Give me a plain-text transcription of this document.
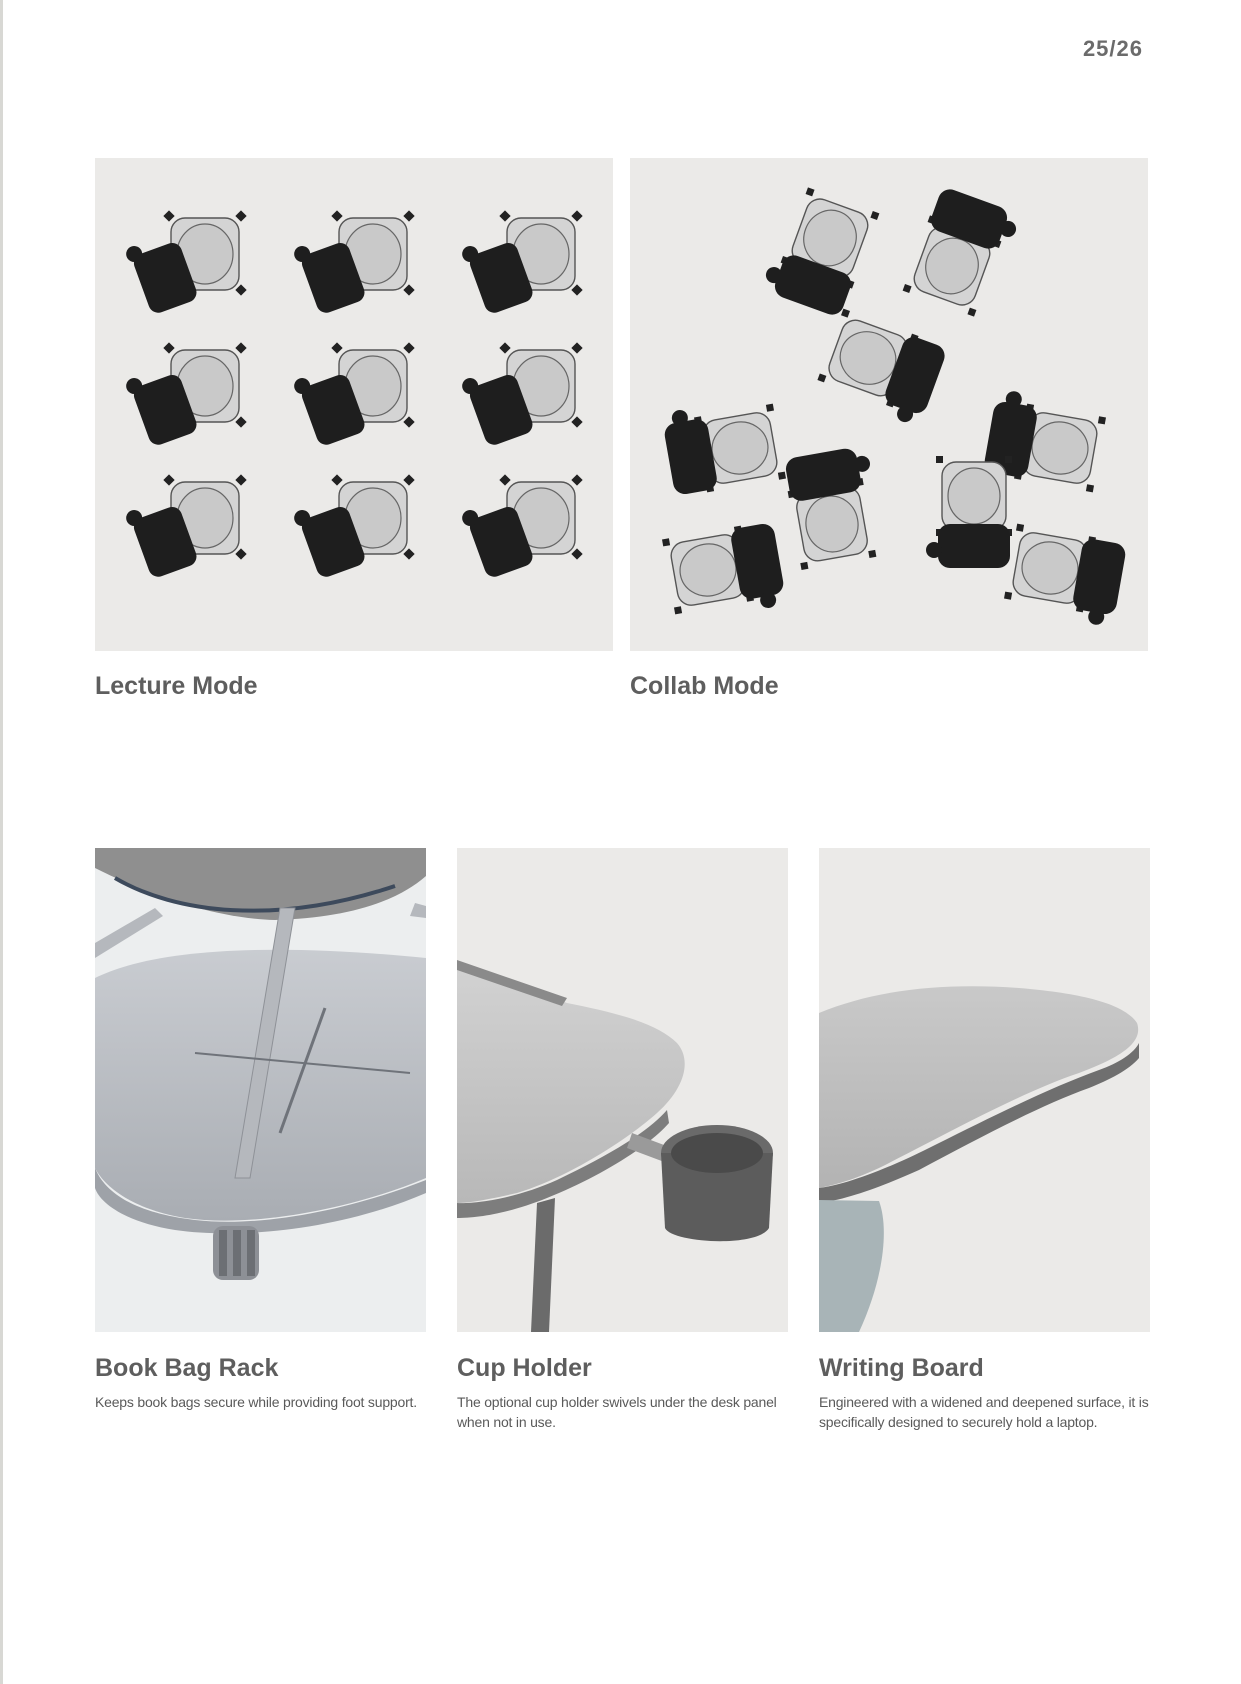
25/26
Lecture Mode	Collab Mode
Book Bag Rack
Keeps book bags secure while providing foot support.
Cup Holder
The optional cup holder swivels under the desk panel when not in use.
Writing Board
Engineered with a widened and deepened surface, it is specifically designed to securely hold a laptop.
